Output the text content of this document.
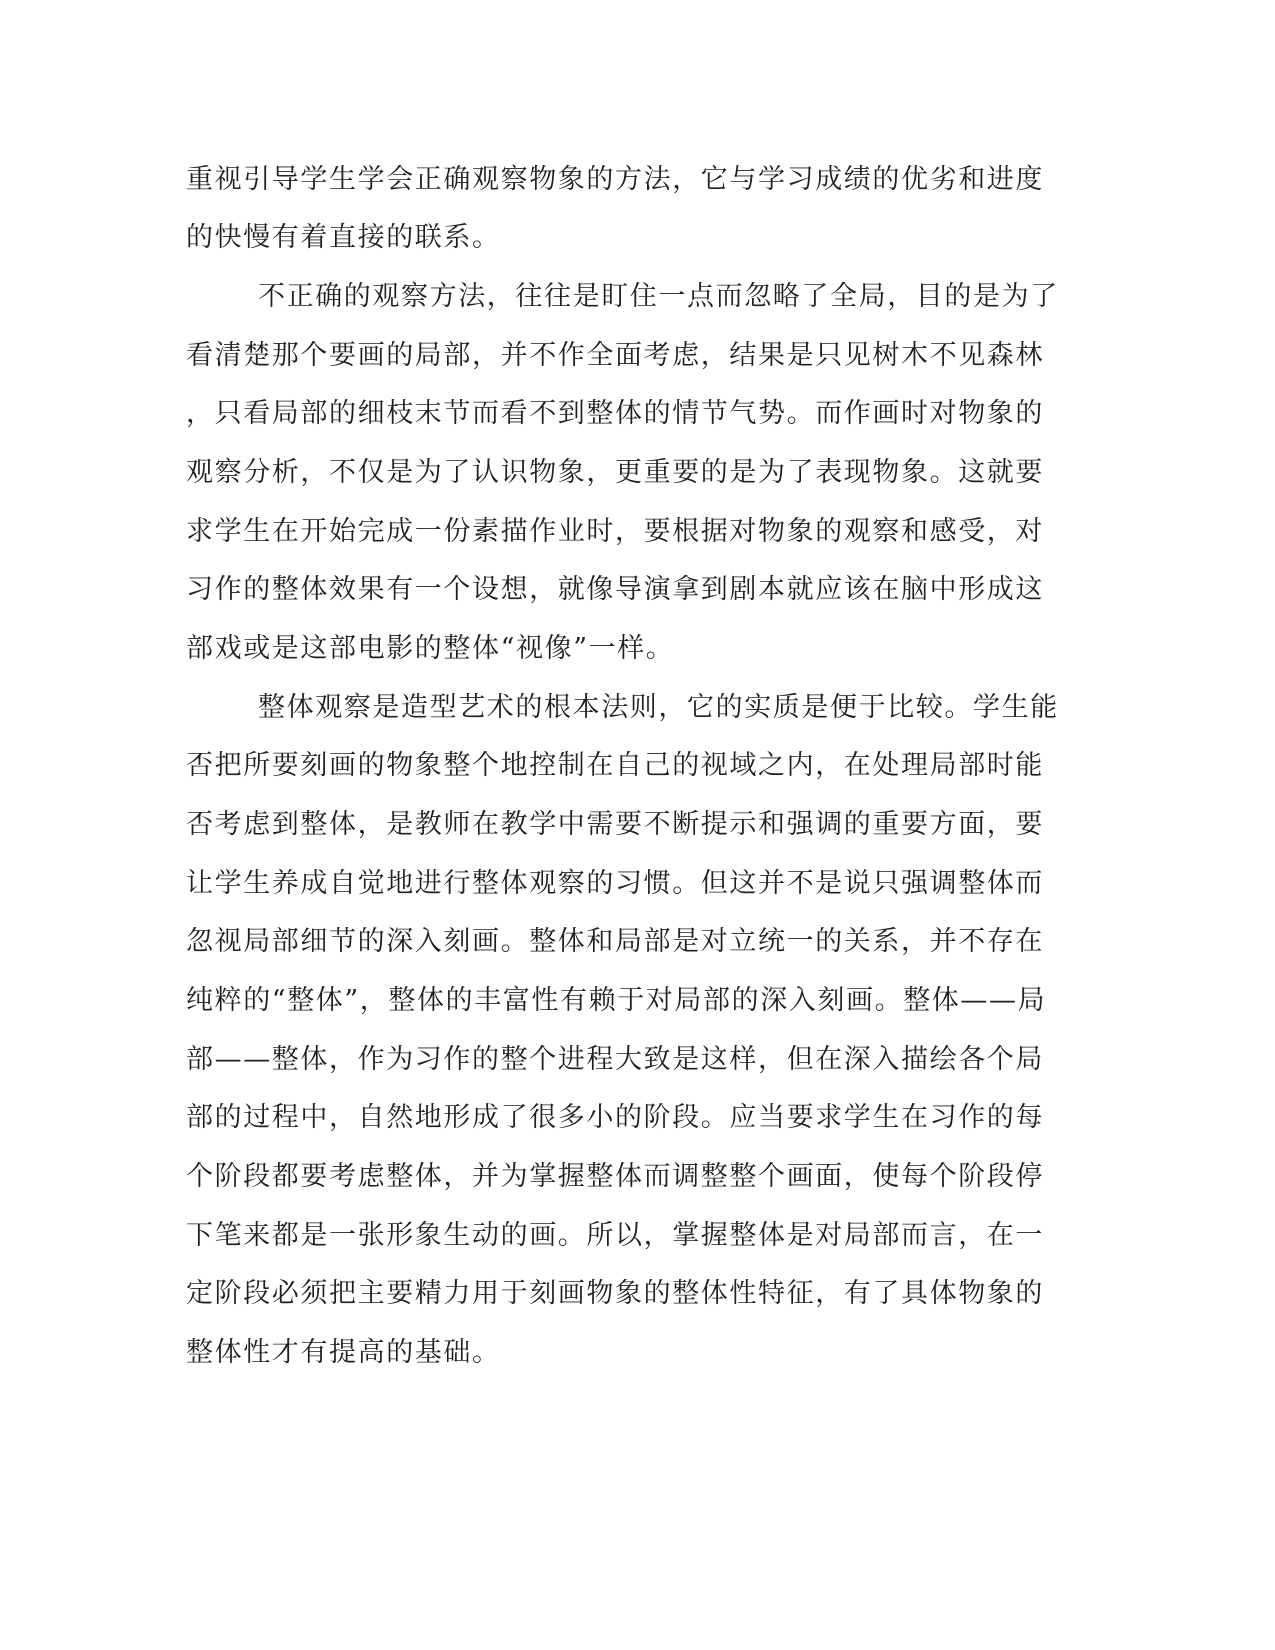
重视引导学生学会正确观察物象的方法，它与学习成绩的优劣和进度
的快慢有着直接的联系。
不正确的观察方法，往往是盯住一点而忽略了全局，目的是为了
看清楚那个要画的局部，并不作全面考虑，结果是只见树木不见森林
，只看局部的细枝末节而看不到整体的情节气势。而作画时对物象的
观察分析，不仅是为了认识物象，更重要的是为了表现物象。这就要
求学生在开始完成一份素描作业时，要根据对物象的观察和感受，对
习作的整体效果有一个设想，就像导演拿到剧本就应该在脑中形成这
部戏或是这部电影的整体“视像”一样。
整体观察是造型艺术的根本法则，它的实质是便于比较。学生能
否把所要刻画的物象整个地控制在自己的视域之内，在处理局部时能
否考虑到整体，是教师在教学中需要不断提示和强调的重要方面，要
让学生养成自觉地进行整体观察的习惯。但这并不是说只强调整体而
忽视局部细节的深入刻画。整体和局部是对立统一的关系，并不存在
纯粹的“整体”，整体的丰富性有赖于对局部的深入刻画。整体——局
部——整体，作为习作的整个进程大致是这样，但在深入描绘各个局
部的过程中，自然地形成了很多小的阶段。应当要求学生在习作的每
个阶段都要考虑整体，并为掌握整体而调整整个画面，使每个阶段停
下笔来都是一张形象生动的画。所以，掌握整体是对局部而言，在一
定阶段必须把主要精力用于刻画物象的整体性特征，有了具体物象的
整体性才有提高的基础。
